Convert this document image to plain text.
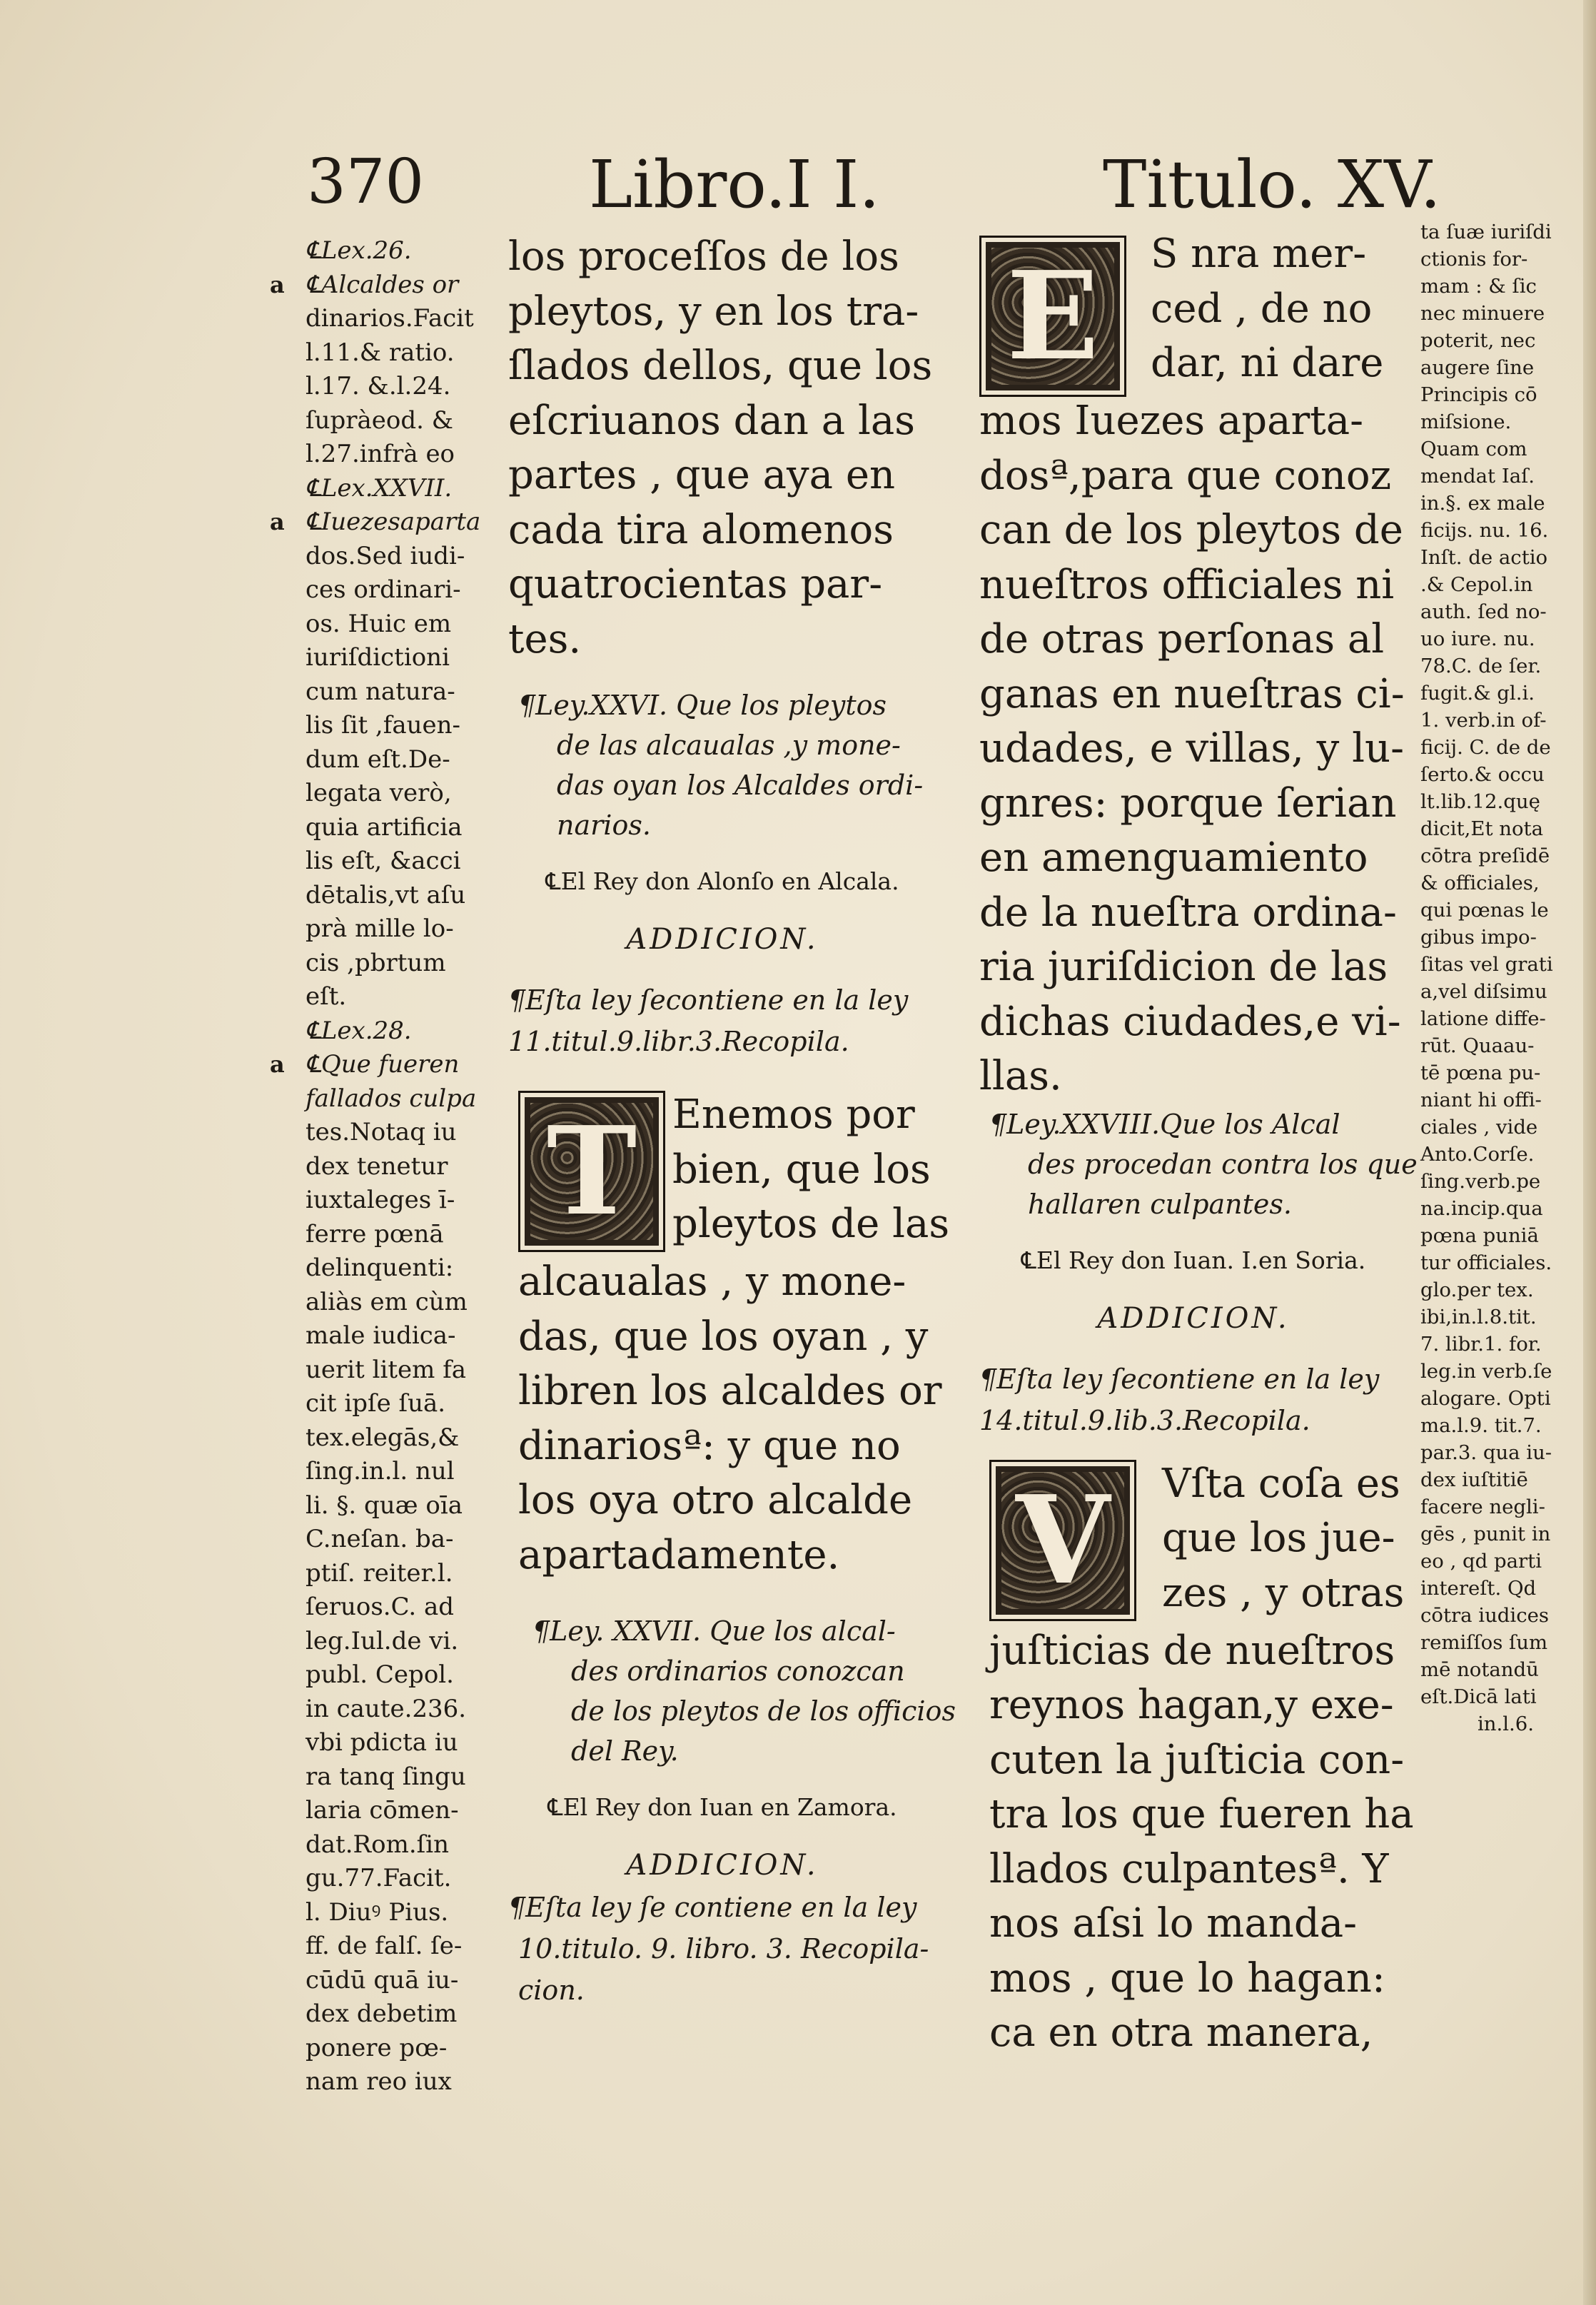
370	Libro.I I.	Titulo. XV.

℄Lex.26.

℄Alcaldes or

dinarios.Facit

l.11.& ratio.

l.17. &.l.24.

ſupràeod. &

l.27.infrà eo

℄Lex.XXVII.

℄Iuezesaparta

dos.Sed iudi-

ces ordinari-

os. Huic em

iuriſdictioni

cum natura-

lis ſit ,fauen-

dum eſt.De-

legata verò,

quia artificia

lis eſt, &acci

dētalis,vt aſu

prà mille lo-

cis ,pbrtum

eſt.

℄Lex.28.

℄Que fueren

fallados culpa

tes.Notaq iu

dex tenetur

iuxtaleges ī-

ferre pœnā

delinquenti:

aliàs em cùm

male iudica-

uerit litem fa

cit ipſe ſuā.

tex.elegās,&

ſing.in.l. nul

li. §. quæ oīa

C.neſan. ba-

ptiſ. reiter.l.

ſeruos.C. ad

leg.Iul.de vi.

publ. Cepol.

in caute.236.

vbi pdicta iu

ra tanq ſingu

laria cōmen-

dat.Rom.ſin

gu.77.Facit.

l. Diuꝰ Pius.

ff. de falſ. ſe-

cūdū quā iu-

dex debetim

ponere pœ-

nam reo iux

a
a
a

los proceſſos de los

pleytos, y en los tra-

ſlados dellos, que los

eſcriuanos dan a las

partes , que aya en

cada tira alomenos

quatrocientas par-

tes.

¶Ley.XXVI. Que los pleytos

de las alcaualas ,y mone-

das oyan los Alcaldes ordi-

narios.

℄El Rey don Alonſo en Alcala.

ADDICION.

¶Eſta ley ſecontiene en la ley

11.titul.9.libr.3.Recopila.

T Enemos por

bien, que los

pleytos de las

alcaualas , y mone-

das, que los oyan , y

libren los alcaldes or

dinariosª: y que no

los oya otro alcalde

apartadamente.

¶Ley. XXVII. Que los alcal-

des ordinarios conozcan

de los pleytos de los officios

del Rey.

℄El Rey don Iuan en Zamora.

ADDICION.

¶Eſta ley ſe contiene en la ley

10.titulo. 9. libro. 3. Recopila-

cion.

E	S nra mer-

ced , de no

dar, ni dare

mos Iuezes aparta-

dosª,para que conoz

can de los pleytos de

nueſtros officiales ni

de otras perſonas al

ganas en nueſtras ci-

udades, e villas, y lu-

gnres: porque ſerian

en amenguamiento

de la nueſtra ordina-

ria juriſdicion de las

dichas ciudades,e vi-

llas.

¶Ley.XXVIII.Que los Alcal

des procedan contra los que

hallaren culpantes.

℄El Rey don Iuan. I.en Soria.

ADDICION.

¶Eſta ley ſecontiene en la ley

14.titul.9.lib.3.Recopila.

V	Vſta coſa es

que los jue-

zes , y otras

juſticias de nueſtros

reynos hagan,y exe-

cuten la juſticia con-

tra los que fueren ha

llados culpantesª. Y

nos aſsi lo manda-

mos , que lo hagan:

ca en otra manera,

ta ſuæ iuriſdi

ctionis for-

mam : & ſic

nec minuere

poterit, nec

augere ſine

Principis cō

miſsione.

Quam com

mendat Iaſ.

in.§. ex male

ficijs. nu. 16.

Inſt. de actio

.& Cepol.in

auth. ſed no-

uo iure. nu.

78.C. de ſer.

fugit.& gl.i.

1. verb.in of-

ficij. C. de de

ſerto.& occu

lt.lib.12.quę

dicit,Et nota

cōtra preſidē

& officiales,

qui pœnas le

gibus impo-

ſitas vel grati

a,vel diſsimu

latione diffe-

rūt. Quaau-

tē pœna pu-

niant hi offi-

ciales , vide

Anto.Corſe.

ſing.verb.pe

na.incip.qua

pœna puniā

tur officiales.

glo.per tex.

ibi,in.l.8.tit.

7. libr.1. for.

leg.in verb.ſe

alogare. Opti

ma.l.9. tit.7.

par.3. qua iu-

dex iuſtitiē

facere negli-

gēs , punit in

eo , qd parti

intereſt. Qd

cōtra iudices

remiſſos ſum

mē notandū

eſt.Dicā lati

in.l.6.
